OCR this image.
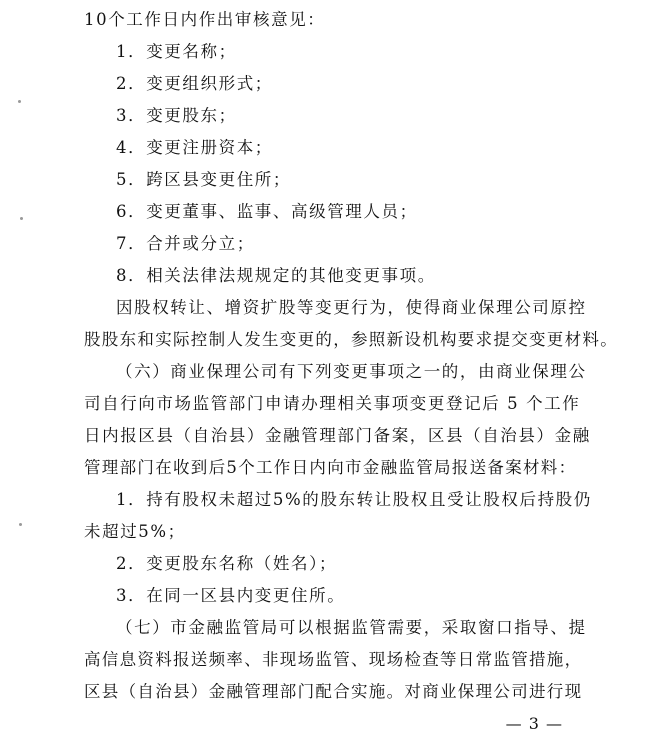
10个工作日内作出审核意见：
1．变更名称；
2．变更组织形式；
3．变更股东；
4．变更注册资本；
5．跨区县变更住所；
6．变更董事、监事、高级管理人员；
7．合并或分立；
8．相关法律法规规定的其他变更事项。
因股权转让、增资扩股等变更行为，使得商业保理公司原控
股股东和实际控制人发生变更的，参照新设机构要求提交变更材料。
（六）商业保理公司有下列变更事项之一的，由商业保理公
司自行向市场监管部门申请办理相关事项变更登记后 5 个工作
日内报区县（自治县）金融管理部门备案，区县（自治县）金融
管理部门在收到后5个工作日内向市金融监管局报送备案材料：
1．持有股权未超过5%的股东转让股权且受让股权后持股仍
未超过5%；
2．变更股东名称（姓名）；
3．在同一区县内变更住所。
（七）市金融监管局可以根据监管需要，采取窗口指导、提
高信息资料报送频率、非现场监管、现场检查等日常监管措施，
区县（自治县）金融管理部门配合实施。对商业保理公司进行现
— 3 —
